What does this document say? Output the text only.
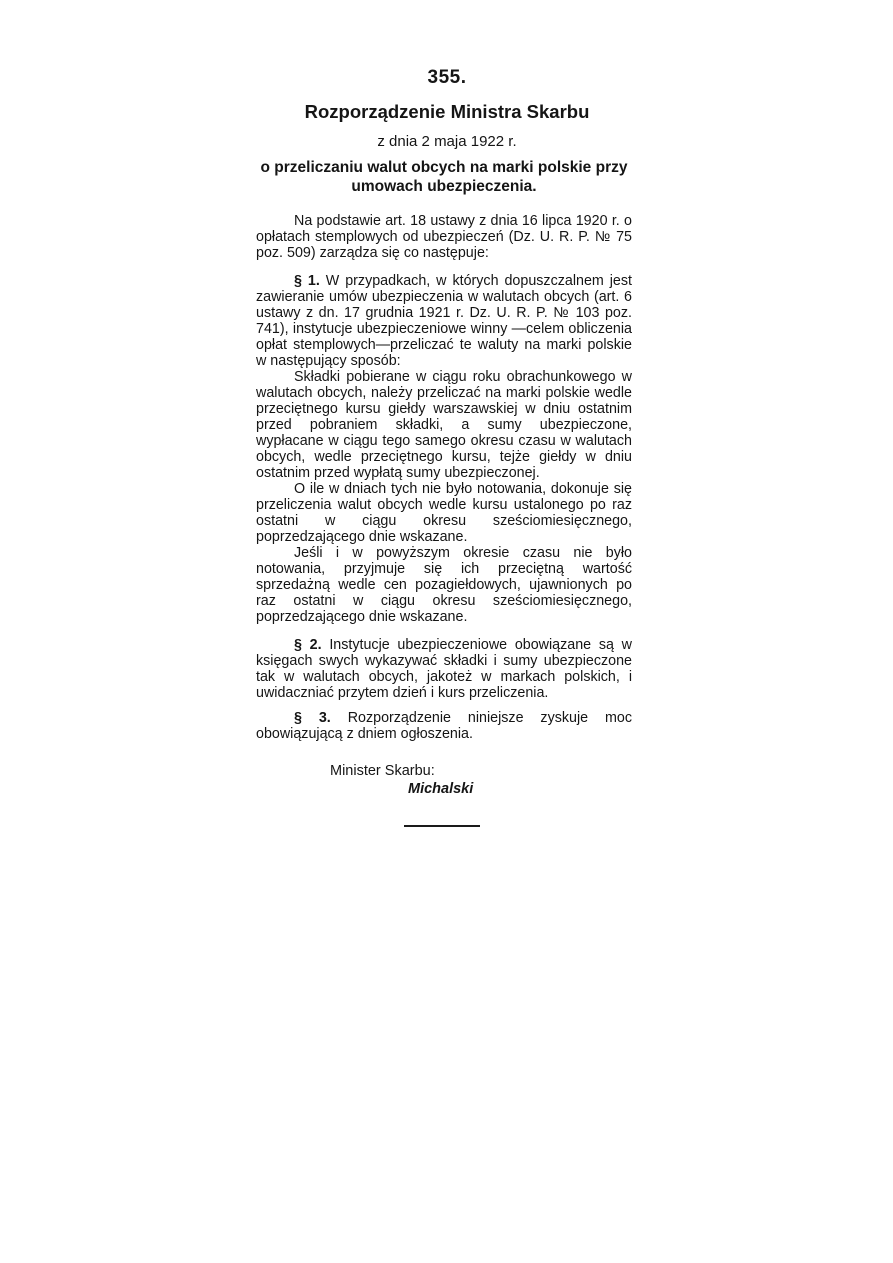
355.
Rozporządzenie Ministra Skarbu
z dnia 2 maja 1922 r.
o przeliczaniu walut obcych na marki polskie przy umowach ubezpieczenia.

Na podstawie art. 18 ustawy z dnia 16 lipca 1920 r. o opłatach stemplowych od ubezpieczeń (Dz. U. R. P. № 75 poz. 509) zarządza się co następuje:

§ 1. W przypadkach, w których dopuszczalnem jest zawieranie umów ubezpieczenia w walutach obcych (art. 6 ustawy z dn. 17 grudnia 1921 r. Dz. U. R. P. № 103 poz. 741), instytucje ubezpieczeniowe winny —celem obliczenia opłat stemplowych—przeliczać te waluty na marki polskie w następujący sposób:

Składki pobierane w ciągu roku obrachunkowego w walutach obcych, należy przeliczać na marki polskie wedle przeciętnego kursu giełdy warszawskiej w dniu ostatnim przed pobraniem składki, a sumy ubezpieczone, wypłacane w ciągu tego samego okresu czasu w walutach obcych, wedle przeciętnego kursu, tejże giełdy w dniu ostatnim przed wypłatą sumy ubezpieczonej.

O ile w dniach tych nie było notowania, dokonuje się przeliczenia walut obcych wedle kursu ustalonego po raz ostatni w ciągu okresu sześciomiesięcznego, poprzedzającego dnie wskazane.

Jeśli i w powyższym okresie czasu nie było notowania, przyjmuje się ich przeciętną wartość sprzedażną wedle cen pozagiełdowych, ujawnionych po raz ostatni w ciągu okresu sześciomiesięcznego, poprzedzającego dnie wskazane.

§ 2. Instytucje ubezpieczeniowe obowiązane są w księgach swych wykazywać składki i sumy ubezpieczone tak w walutach obcych, jakoteż w markach polskich, i uwidaczniać przytem dzień i kurs przeliczenia.

§ 3. Rozporządzenie niniejsze zyskuje moc obowiązującą z dniem ogłoszenia.

Minister Skarbu:
Michalski
